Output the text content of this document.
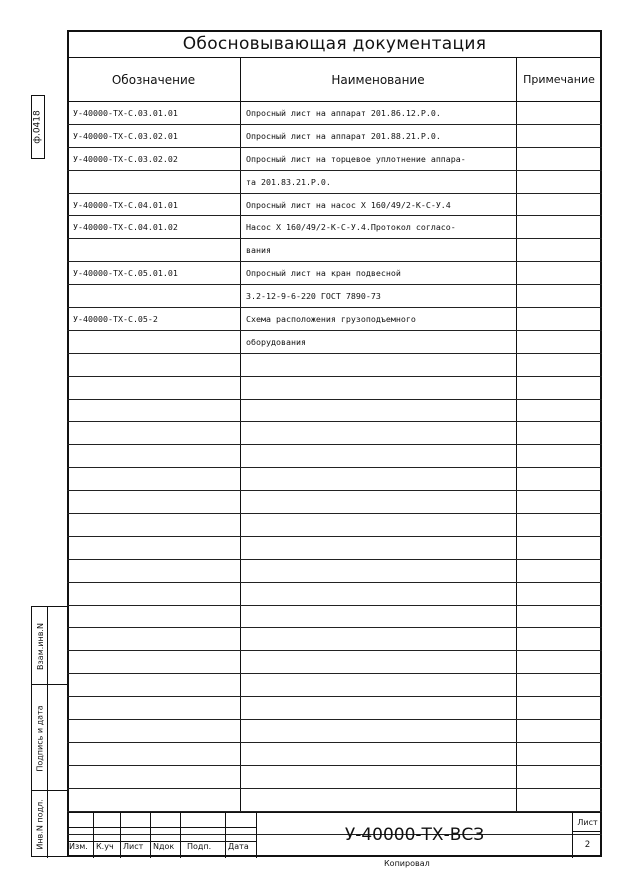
ф.0418
Обосновывающая документация
Обозначение	Наименование	Примечание
У-40000-ТХ-С.03.01.01	Опросный лист на аппарат 201.86.12.Р.0.
У-40000-ТХ-С.03.02.01	Опросный лист на аппарат 201.88.21.Р.0.
У-40000-ТХ-С.03.02.02	Опросный лист на торцевое уплотнение аппара-
та 201.83.21.Р.0.
У-40000-ТХ-С.04.01.01	Опросный лист на насос Х 160/49/2-К-С-У.4
У-40000-ТХ-С.04.01.02	Насос Х 160/49/2-К-С-У.4.Протокол согласо-
вания
У-40000-ТХ-С.05.01.01	Опросный лист на кран подвесной
3.2-12-9-6-220 ГОСТ 7890-73
У-40000-ТХ-С.05-2	Схема расположения грузоподъемного
оборудования
Взам.инв.N
Подпись и дата
Инв.N подл.	Изм. К.уч Лист Nдок Подп. Дата
У-40000-ТХ-ВСЗ
Лист
2
Копировал
